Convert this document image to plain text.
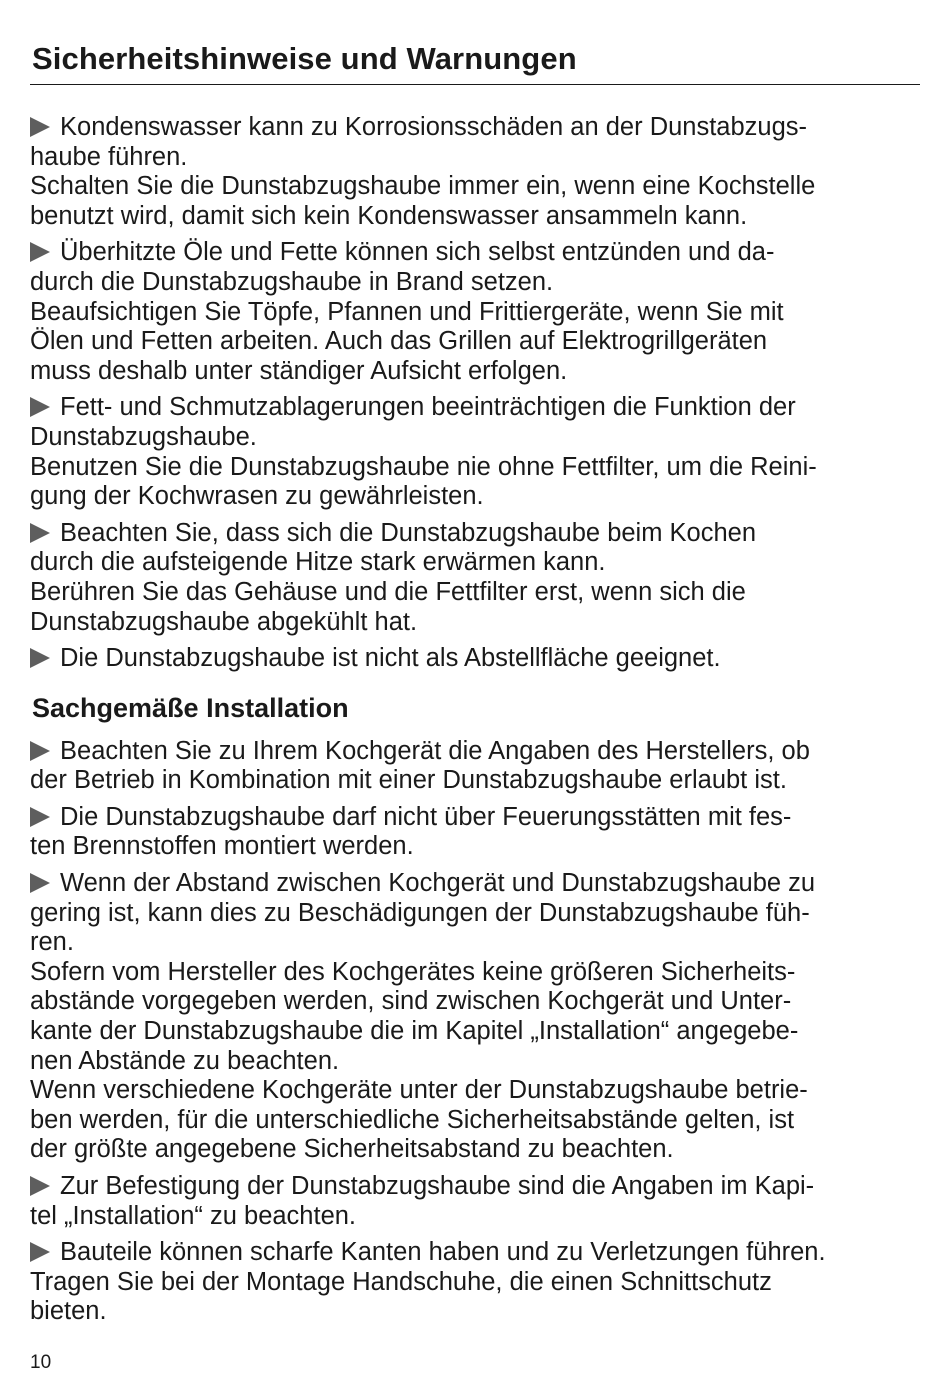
Sicherheitshinweise und Warnungen

Kondenswasser kann zu Korrosionsschäden an der Dunstabzugs-

haube führen.

Schalten Sie die Dunstabzugshaube immer ein, wenn eine Kochstelle

benutzt wird, damit sich kein Kondenswasser ansammeln kann.

Überhitzte Öle und Fette können sich selbst entzünden und da-

durch die Dunstabzugshaube in Brand setzen.

Beaufsichtigen Sie Töpfe, Pfannen und Frittiergeräte, wenn Sie mit

Ölen und Fetten arbeiten. Auch das Grillen auf Elektrogrillgeräten

muss deshalb unter ständiger Aufsicht erfolgen.

Fett- und Schmutzablagerungen beeinträchtigen die Funktion der

Dunstabzugshaube.

Benutzen Sie die Dunstabzugshaube nie ohne Fettfilter, um die Reini-

gung der Kochwrasen zu gewährleisten.

Beachten Sie, dass sich die Dunstabzugshaube beim Kochen

durch die aufsteigende Hitze stark erwärmen kann.

Berühren Sie das Gehäuse und die Fettfilter erst, wenn sich die

Dunstabzugshaube abgekühlt hat.

Die Dunstabzugshaube ist nicht als Abstellfläche geeignet.

Sachgemäße Installation

Beachten Sie zu Ihrem Kochgerät die Angaben des Herstellers, ob

der Betrieb in Kombination mit einer Dunstabzugshaube erlaubt ist.

Die Dunstabzugshaube darf nicht über Feuerungsstätten mit fes-

ten Brennstoffen montiert werden.

Wenn der Abstand zwischen Kochgerät und Dunstabzugshaube zu

gering ist, kann dies zu Beschädigungen der Dunstabzugshaube füh-

ren.

Sofern vom Hersteller des Kochgerätes keine größeren Sicherheits-

abstände vorgegeben werden, sind zwischen Kochgerät und Unter-

kante der Dunstabzugshaube die im Kapitel „Installation“ angegebe-

nen Abstände zu beachten.

Wenn verschiedene Kochgeräte unter der Dunstabzugshaube betrie-

ben werden, für die unterschiedliche Sicherheitsabstände gelten, ist

der größte angegebene Sicherheitsabstand zu beachten.

Zur Befestigung der Dunstabzugshaube sind die Angaben im Kapi-

tel „Installation“ zu beachten.

Bauteile können scharfe Kanten haben und zu Verletzungen führen.

Tragen Sie bei der Montage Handschuhe, die einen Schnittschutz

bieten.

10
